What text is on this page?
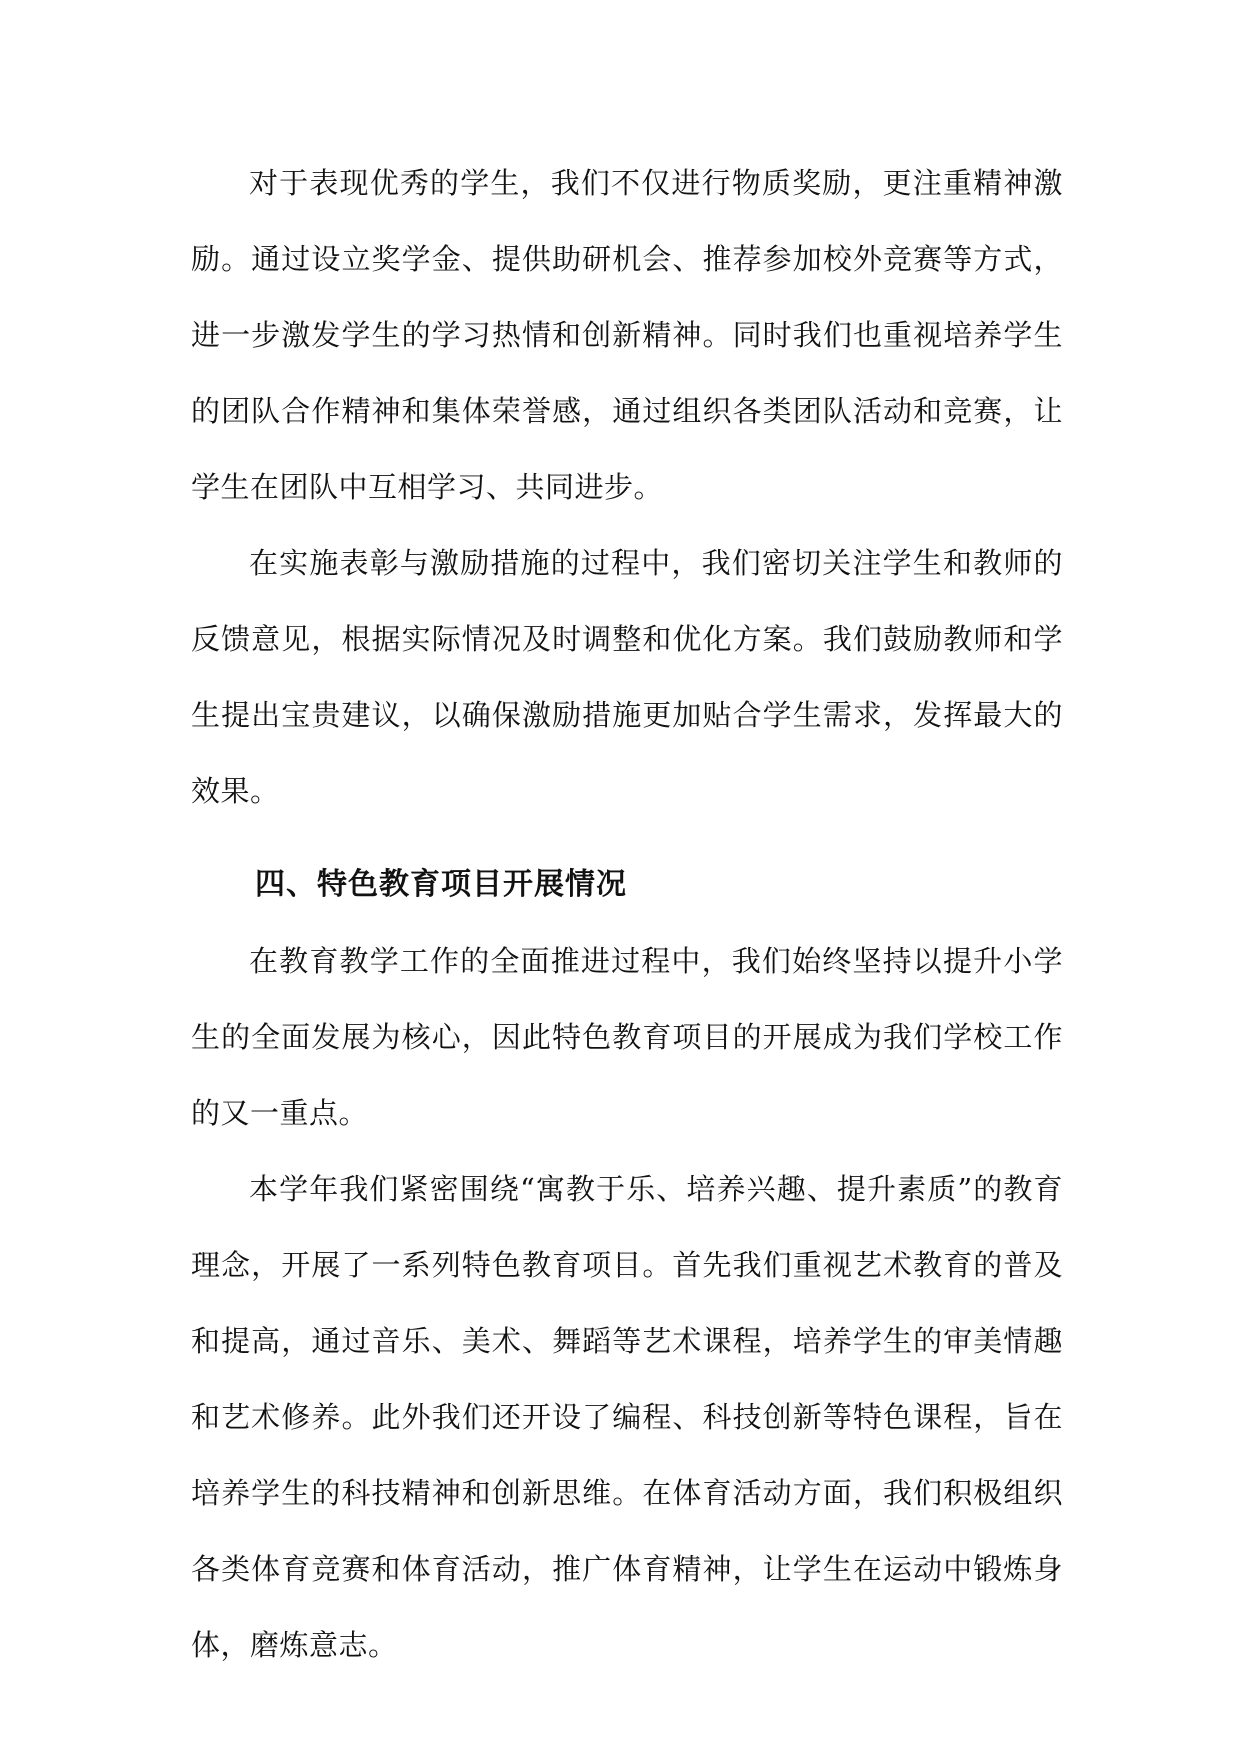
对于表现优秀的学生，我们不仅进行物质奖励，更注重精神激励。通过设立奖学金、提供助研机会、推荐参加校外竞赛等方式，进一步激发学生的学习热情和创新精神。同时我们也重视培养学生的团队合作精神和集体荣誉感，通过组织各类团队活动和竞赛，让学生在团队中互相学习、共同进步。

在实施表彰与激励措施的过程中，我们密切关注学生和教师的反馈意见，根据实际情况及时调整和优化方案。我们鼓励教师和学生提出宝贵建议，以确保激励措施更加贴合学生需求，发挥最大的效果。

四、特色教育项目开展情况

在教育教学工作的全面推进过程中，我们始终坚持以提升小学生的全面发展为核心，因此特色教育项目的开展成为我们学校工作的又一重点。

本学年我们紧密围绕“寓教于乐、培养兴趣、提升素质”的教育理念，开展了一系列特色教育项目。首先我们重视艺术教育的普及和提高，通过音乐、美术、舞蹈等艺术课程，培养学生的审美情趣和艺术修养。此外我们还开设了编程、科技创新等特色课程，旨在培养学生的科技精神和创新思维。在体育活动方面，我们积极组织各类体育竞赛和体育活动，推广体育精神，让学生在运动中锻炼身体，磨炼意志。
